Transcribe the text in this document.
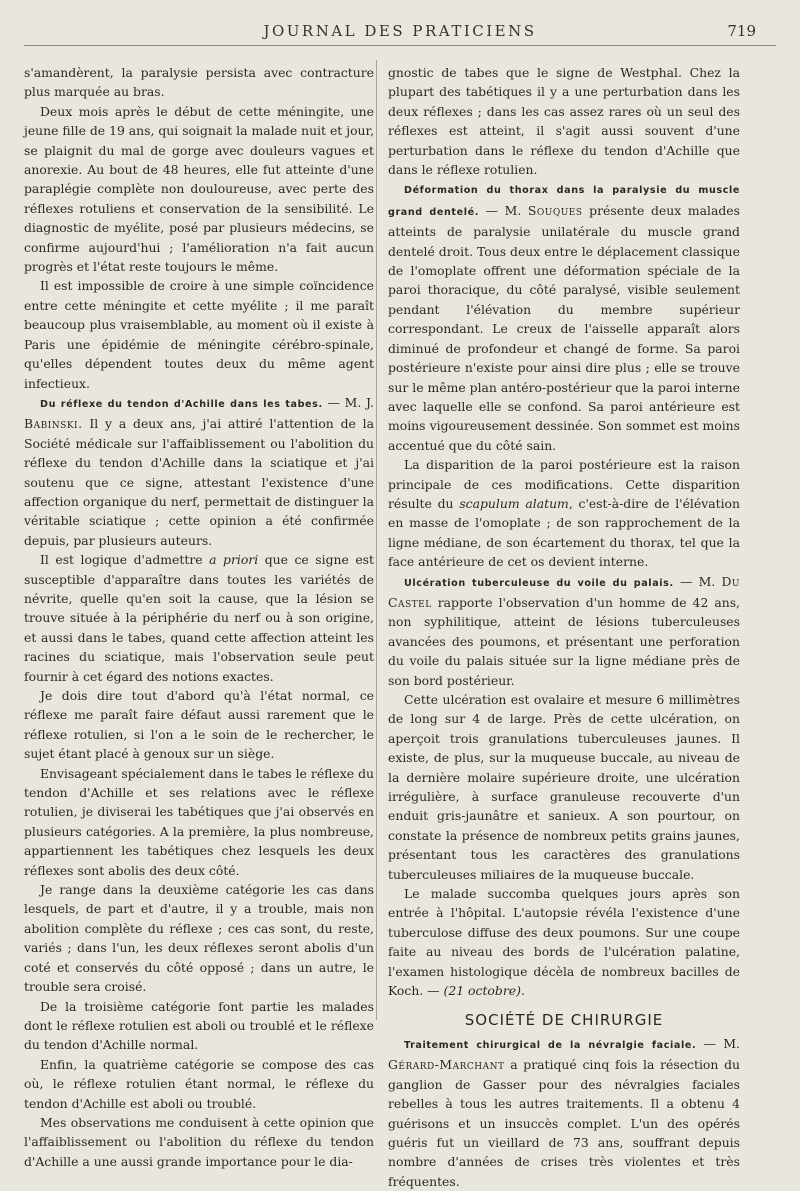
JOURNAL DES PRATICIENS	719

s'amandèrent, la paralysie persista avec contracture plus marquée au bras.

Deux mois après le début de cette méningite, une jeune fille de 19 ans, qui soignait la malade nuit et jour, se plaignit du mal de gorge avec douleurs vagues et anorexie. Au bout de 48 heures, elle fut atteinte d'une paraplégie complète non douloureuse, avec perte des réflexes rotuliens et conservation de la sensibilité. Le diagnostic de myélite, posé par plusieurs médecins, se confirme aujourd'hui ; l'amélioration n'a fait aucun progrès et l'état reste toujours le même.

Il est impossible de croire à une simple coïncidence entre cette méningite et cette myélite ; il me paraît beaucoup plus vraisemblable, au moment où il existe à Paris une épidémie de méningite cérébro-spinale, qu'elles dépendent toutes deux du même agent infectieux.

Du réflexe du tendon d'Achille dans les tabes. — M. J. Babinski. Il y a deux ans, j'ai attiré l'attention de la Société médicale sur l'affaiblissement ou l'abolition du réflexe du tendon d'Achille dans la sciatique et j'ai soutenu que ce signe, attestant l'existence d'une affection organique du nerf, permettait de distinguer la véritable sciatique ; cette opinion a été confirmée depuis, par plusieurs auteurs.

Il est logique d'admettre a priori que ce signe est susceptible d'apparaître dans toutes les variétés de névrite, quelle qu'en soit la cause, que la lésion se trouve située à la périphérie du nerf ou à son origine, et aussi dans le tabes, quand cette affection atteint les racines du sciatique, mais l'observation seule peut fournir à cet égard des notions exactes.

Je dois dire tout d'abord qu'à l'état normal, ce réflexe me paraît faire défaut aussi rarement que le réflexe rotulien, si l'on a le soin de le rechercher, le sujet étant placé à genoux sur un siège.

Envisageant spécialement dans le tabes le réflexe du tendon d'Achille et ses relations avec le réflexe rotulien, je diviserai les tabétiques que j'ai observés en plusieurs catégories. A la première, la plus nombreuse, appartiennent les tabétiques chez lesquels les deux réflexes sont abolis des deux côté.

Je range dans la deuxième catégorie les cas dans lesquels, de part et d'autre, il y a trouble, mais non abolition complète du réflexe ; ces cas sont, du reste, variés ; dans l'un, les deux réflexes seront abolis d'un coté et conservés du côté opposé ; dans un autre, le trouble sera croisé.

De la troisième catégorie font partie les malades dont le réflexe rotulien est aboli ou troublé et le réflexe du tendon d'Achille normal.

Enfin, la quatrième catégorie se compose des cas où, le réflexe rotulien étant normal, le réflexe du tendon d'Achille est aboli ou troublé.

Mes observations me conduisent à cette opinion que l'affaiblissement ou l'abolition du réflexe du tendon d'Achille a une aussi grande importance pour le dia-

gnostic de tabes que le signe de Westphal. Chez la plupart des tabétiques il y a une perturbation dans les deux réflexes ; dans les cas assez rares où un seul des réflexes est atteint, il s'agit aussi souvent d'une perturbation dans le réflexe du tendon d'Achille que dans le réflexe rotulien.

Déformation du thorax dans la paralysie du muscle grand dentelé. — M. Souques présente deux malades atteints de paralysie unilatérale du muscle grand dentelé droit. Tous deux entre le déplacement classique de l'omoplate offrent une déformation spéciale de la paroi thoracique, du côté paralysé, visible seulement pendant l'élévation du membre supérieur correspondant. Le creux de l'aisselle apparaît alors diminué de profondeur et changé de forme. Sa paroi postérieure n'existe pour ainsi dire plus ; elle se trouve sur le même plan antéro-postérieur que la paroi interne avec laquelle elle se confond. Sa paroi antérieure est moins vigoureusement dessinée. Son sommet est moins accentué que du côté sain.

La disparition de la paroi postérieure est la raison principale de ces modifications. Cette disparition résulte du scapulum alatum, c'est-à-dire de l'élévation en masse de l'omoplate ; de son rapprochement de la ligne médiane, de son écartement du thorax, tel que la face antérieure de cet os devient interne.

Ulcération tuberculeuse du voile du palais. — M. Du Castel rapporte l'observation d'un homme de 42 ans, non syphilitique, atteint de lésions tuberculeuses avancées des poumons, et présentant une perforation du voile du palais située sur la ligne médiane près de son bord postérieur.

Cette ulcération est ovalaire et mesure 6 millimètres de long sur 4 de large. Près de cette ulcération, on aperçoit trois granulations tuberculeuses jaunes. Il existe, de plus, sur la muqueuse buccale, au niveau de la dernière molaire supérieure droite, une ulcération irrégulière, à surface granuleuse recouverte d'un enduit gris-jaunâtre et sanieux. A son pourtour, on constate la présence de nombreux petits grains jaunes, présentant tous les caractères des granulations tuberculeuses miliaires de la muqueuse buccale.

Le malade succomba quelques jours après son entrée à l'hôpital. L'autopsie révéla l'existence d'une tuberculose diffuse des deux poumons. Sur une coupe faite au niveau des bords de l'ulcération palatine, l'examen histologique décèla de nombreux bacilles de Koch. — (21 octobre).

SOCIÉTÉ DE CHIRURGIE

Traitement chirurgical de la névralgie faciale. — M. Gérard-Marchant a pratiqué cinq fois la résection du ganglion de Gasser pour des névralgies faciales rebelles à tous les autres traitements. Il a obtenu 4 guérisons et un insuccès complet. L'un des opérés guéris fut un vieillard de 73 ans, souffrant depuis nombre d'années de crises très violentes et très fréquentes.
